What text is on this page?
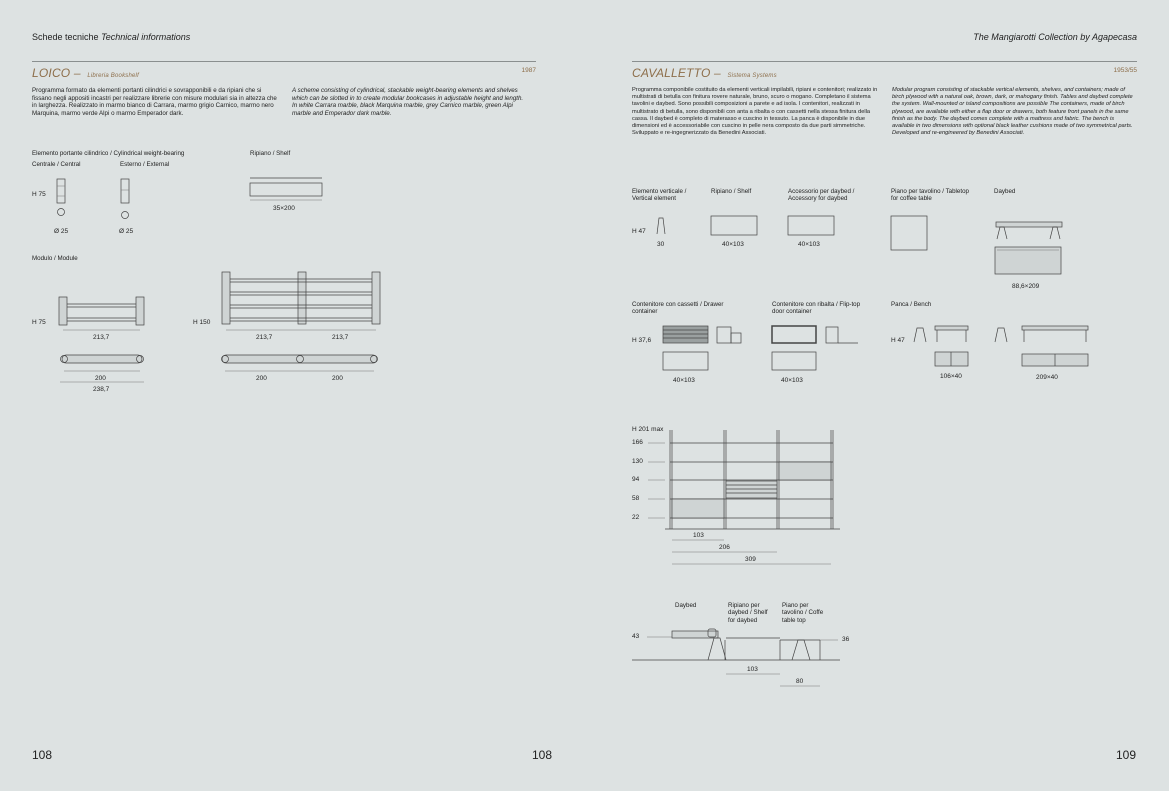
Schede tecniche Technical informations	The Mangiarotti Collection by Agapecasa
LOICO – Libreria Bookshelf
1987
Programma formato da elementi portanti cilindrici e sovrapponibili e da ripiani che si fissano negli appositi incastri per realizzare librerie con misure modulari sia in altezza che in larghezza. Realizzato in marmo bianco di Carrara, marmo grigio Carnico, marmo nero Marquina, marmo verde Alpi o marmo Emperador dark.
A scheme consisting of cylindrical, stackable weight-bearing elements and shelves which can be slotted in to create modular bookcases in adjustable height and length. In white Carrara marble, black Marquina marble, grey Carnico marble, green Alpi marble and Emperador dark marble.
Elemento portante cilindrico / Cylindrical weight-bearing
Centrale / Central	Esterno / External
Ripiano / Shelf
H 75
Ø 25	Ø 25
35×200
Modulo / Module
H 75	H 150
213,7	213,7	213,7
200
238,7
200	200
CAVALLETTO – Sistema Systems
1953/55
Programma componibile costituito da elementi verticali impilabili, ripiani e contenitori; realizzato in multistrati di betulla con finitura rovere naturale, bruno, scuro o mogano. Completano il sistema tavolini e daybed. Sono possibili composizioni a parete e ad isola. I contenitori, realizzati in multistrato di betulla, sono disponibili con anta a ribalta o con cassetti nella stessa finitura della cassa. Il daybed è completo di materasso e cuscino in tessuto. La panca è disponibile in due dimensioni ed è accessoriabile con cuscino in pelle nera composto da due parti simmetriche. Sviluppato e re-ingegnerizzato da Benedini Associati.
Modular program consisting of stackable vertical elements, shelves, and containers; made of birch plywood with a natural oak, brown, dark, or mahogany finish. Tables and daybed complete the system. Wall-mounted or island compositions are possible The containers, made of birch plywood, are available with either a flap door or drawers, both feature front panels in the same finish as the body. The daybed comes complete with a mattress and fabric. The bench is available in two dimensions with optional black leather cushions made of two symmetrical parts. Developed and re-engineered by Benedini Associati.
Elemento verticale / Vertical element
Ripiano / Shelf	Accessorio per daybed / Accessory for daybed
Piano per tavolino / Tabletop for coffee table
Daybed
H 47
30	40×103	40×103
88,6×209
Contenitore con cassetti / Drawer container
Contenitore con ribalta / Flip-top door container
Panca / Bench
H 37,6	H 47
40×103	40×103
106×40	209×40
H 201 max
166
130
94
58
22
103
206
309
Daybed	Ripiano per daybed / Shelf for daybed
Piano per tavolino / Coffe table top
43	36
103
80
108	108	109
